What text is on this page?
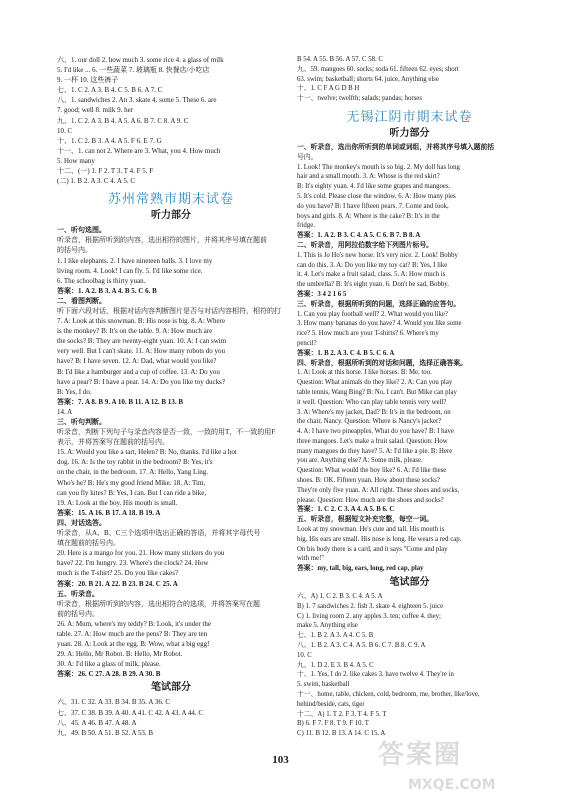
六、1. our doll 2. how much 3. some rice 4. a glass of milk
5. I'd like ... 6. 一些蔬菜 7. 玻璃瓶 8. 快餐店/小吃店
9. 一杯 10. 这些裤子
七、1. C 2. A 3. B 4. C 5. B 6. A 7. C
八、1. sandwiches 2. An 3. skate 4. some 5. These 6. are
7. good; well 8. milk 9. her
九、1. C 2. A 3. B 4. A 5. A 6. B 7. C 8. A 9. C
10. C
十、1. C 2. B 3. A 4. A 5. F 6. E 7. G
十一、1. can not 2. Where are 3. What, you 4. How much
5. How many
十二、(一) 1. F 2. T 3. T 4. F 5. F
(二) 1. B 2. A 3. C 4. A 5. C
苏州常熟市期末试卷
听力部分
一、听句选图。
听录音，根据所听到的内容，选出相符的图片，并将其序号填在题前
的括号内。
1. I like elephants. 2. I have nineteen balls. 3. I love my
living room. 4. Look! I can fly. 5. I'd like some rice.
6. The schoolbag is thirty yuan.
答案：1. A 2. B 3. A 4. B 5. C 6. B
二、看图判断。
听下面六段对话，根据对话内容判断图片是否与对话内容相符，相符的打
7. A: Look at this snowman. B: His nose is big. 8. A: Where
is the monkey? B: It's on the table. 9. A: How much are
the socks? B: They are twenty-eight yuan. 10. A: I can swim
very well. But I can't skate. 11. A: How many robots do you
have? B: I have seven. 12. A: Dad, what would you like?
B: I'd like a hamburger and a cup of coffee. 13. A: Do you
have a pear? B: I have a pear. 14. A: Do you like toy ducks?
B: Yes, I do.
答案：7. A 8. B 9. A 10. B 11. A 12. B 13. B
14. A
三、听句判断。
听录音，判断下列句子与录音内容是否一致，一致的用T，不一致的用F
表示，并将答案写在题前的括号内。
15. A: Would you like a tart, Helen? B: No, thanks. I'd like a hot
dog. 16. A: Is the toy rabbit in the bedroom? B: Yes, it's
on the chair, in the bedroom. 17. A: Hello, Yang Ling.
Who's he? B: He's my good friend Mike. 18. A: Tim,
can you fly kites? B: Yes, I can. But I can ride a bike,
19. A: Look at the boy. His mouth is small.
答案：15. A 16. B 17. A 18. B 19. A
四、对话选答。
听录音，从A、B、C三个选项中选出正确的答语，并将其字母代号
填在题前的括号内。
20. Here is a mango for you. 21. How many stickers do you
have? 22. I'm hungry. 23. Where's the clock? 24. How
much is the T-shirt? 25. Do you like cakes?
答案：20. B 21. A 22. B 23. B 24. C 25. A
五、听录音。
听录音，根据所听到的内容，选出相符合的选项，并将答案写在题
前的括号内。
26. A: Mum, where's my teddy? B: Look, it's under the
table. 27. A: How much are the pens? B: They are ten
yuan. 28. A: Look at the egg. B: Wow, what a big egg!
29. A: Hello, Mr Robot. B: Hello, Mr Robot.
30. A: I'd like a glass of milk, please.
答案：26. C 27. A 28. B 29. A 30. B
笔试部分
六、31. C 32. A 33. B 34. B 35. A 36. C
七、37. C 38. B 39. A 40. A 41. C 42. A 43. A 44. C
八、45. A 46. B 47. A 48. A
九、49. B 50. A 51. B 52. A 53. B
B 54. A 55. B 56. A 57. C 58. C
九、59. mangoes 60. socks; soda 61. fifteen 62. eyes; short
63. swim; basketball; shorts 64. juice, Anything else
十、1. C F A G D B H
十一、twelve; twelfth; salads; pandas; horses
无锡江阴市期末试卷
听力部分
一、听录音，选出你所听到的单词或词组，并将其序号填入题前括
号内。
1. Look! The monkey's mouth is so big. 2. My doll has long
hair and a small mouth. 3. A: Whose is the red skirt?
B: It's eighty yuan. 4. I'd like some grapes and mangoes.
5. It's cold. Please close the window. 6. A: How many pies
do you have? B: I have fifteen pears. 7. Come and look,
boys and girls. 8. A: Where is the cake? B: It's in the
fridge.
答案：1. A 2. B 3. C 4. A 5. C 6. B 7. B 8. A
二、听录音，用阿拉伯数字给下列图片标号。
1. This is Jo Ho's new horse. It's very nice. 2. Look! Bobby
can do this. 3. A: Do you like my toy cat? B: Yes, I like
it. 4. Let's make a fruit salad, class. 5. A: How much is
the umbrella? B: It's eight yuan. 6. Don't be sad, Bobby.
答案：3 4 2 1 6 5
三、听录音，根据所听到的问题，选择正确的应答句。
1. Can you play football well? 2. What would you like?
3. How many bananas do you have? 4. Would you like some
rice? 5. How much are your T-shirts? 6. Where's my
pencil?
答案：1. B 2. A 3. C 4. B 5. C 6. A
四、听录音，根据所听到的对话和问题，选择正确答案。
1. A: Look at this horse. I like horses. B: Me, too.
Question: What animals do they like? 2. A: Can you play
table tennis, Wang Bing? B: No, I can't. But Mike can play
it well. Question: Who can play table tennis very well?
3. A: Where's my jacket, Dad? B: It's in the bedroom, on
the chair, Nancy. Question: Where is Nancy's jacket?
4. A: I have two pineapples. What do you have? B: I have
three mangoes. Let's make a fruit salad. Question: How
many mangoes do they have? 5. A: I'd like a pie. B: Here
you are. Anything else? A: Some milk, please.
Question: What would the boy like? 6. A: I'd like these
shoes. B: OK. Fifteen yuan. How about these socks?
They're only five yuan. A: All right. These shoes and socks,
please. Question: How much are the shoes and socks?
答案：1. C 2. C 3. A 4. A 5. B 6. C
五、听录音，根据短文补充完整，每空一词。
Look at my snowman. He's cute and tall. His mouth is
big. His ears are small. His nose is long. He wears a red cap.
On his body there is a card, and it says "Come and play
with me!"
答案：my, tall, big, ears, long, red cap, play
笔试部分
六、A) 1. C 2. B 3. C 4. A 5. A
B) 1. 7 sandwiches 2. fish 3. skate 4. eighteen 5. juice
C) 1. living room 2. any apples 3. ten; coffee 4. they;
make 5. Anything else
七、1. B 2. A 3. A 4. C 5. B
八、1. B 2. A 3. C 4. A 5. B 6. C 7. B 8. C 9. A
10. C
九、1. D 2. E 3. B 4. A 5. C
十、1. Yes, I do 2. like cakes 3. have twelve 4. They're in
5. swim, basketball
十一、home, table, chicken, cold, bedroom, me, brother, like/love,
behind/beside, cats, tiger
十二、A) 1. T 2. F 3. T 4. F 5. T
B) 6. F 7. F 8. T 9. F 10. T
C) 11. B 12. B 13. A 14. C 15. A
103	答案圈
MXQE.COM
